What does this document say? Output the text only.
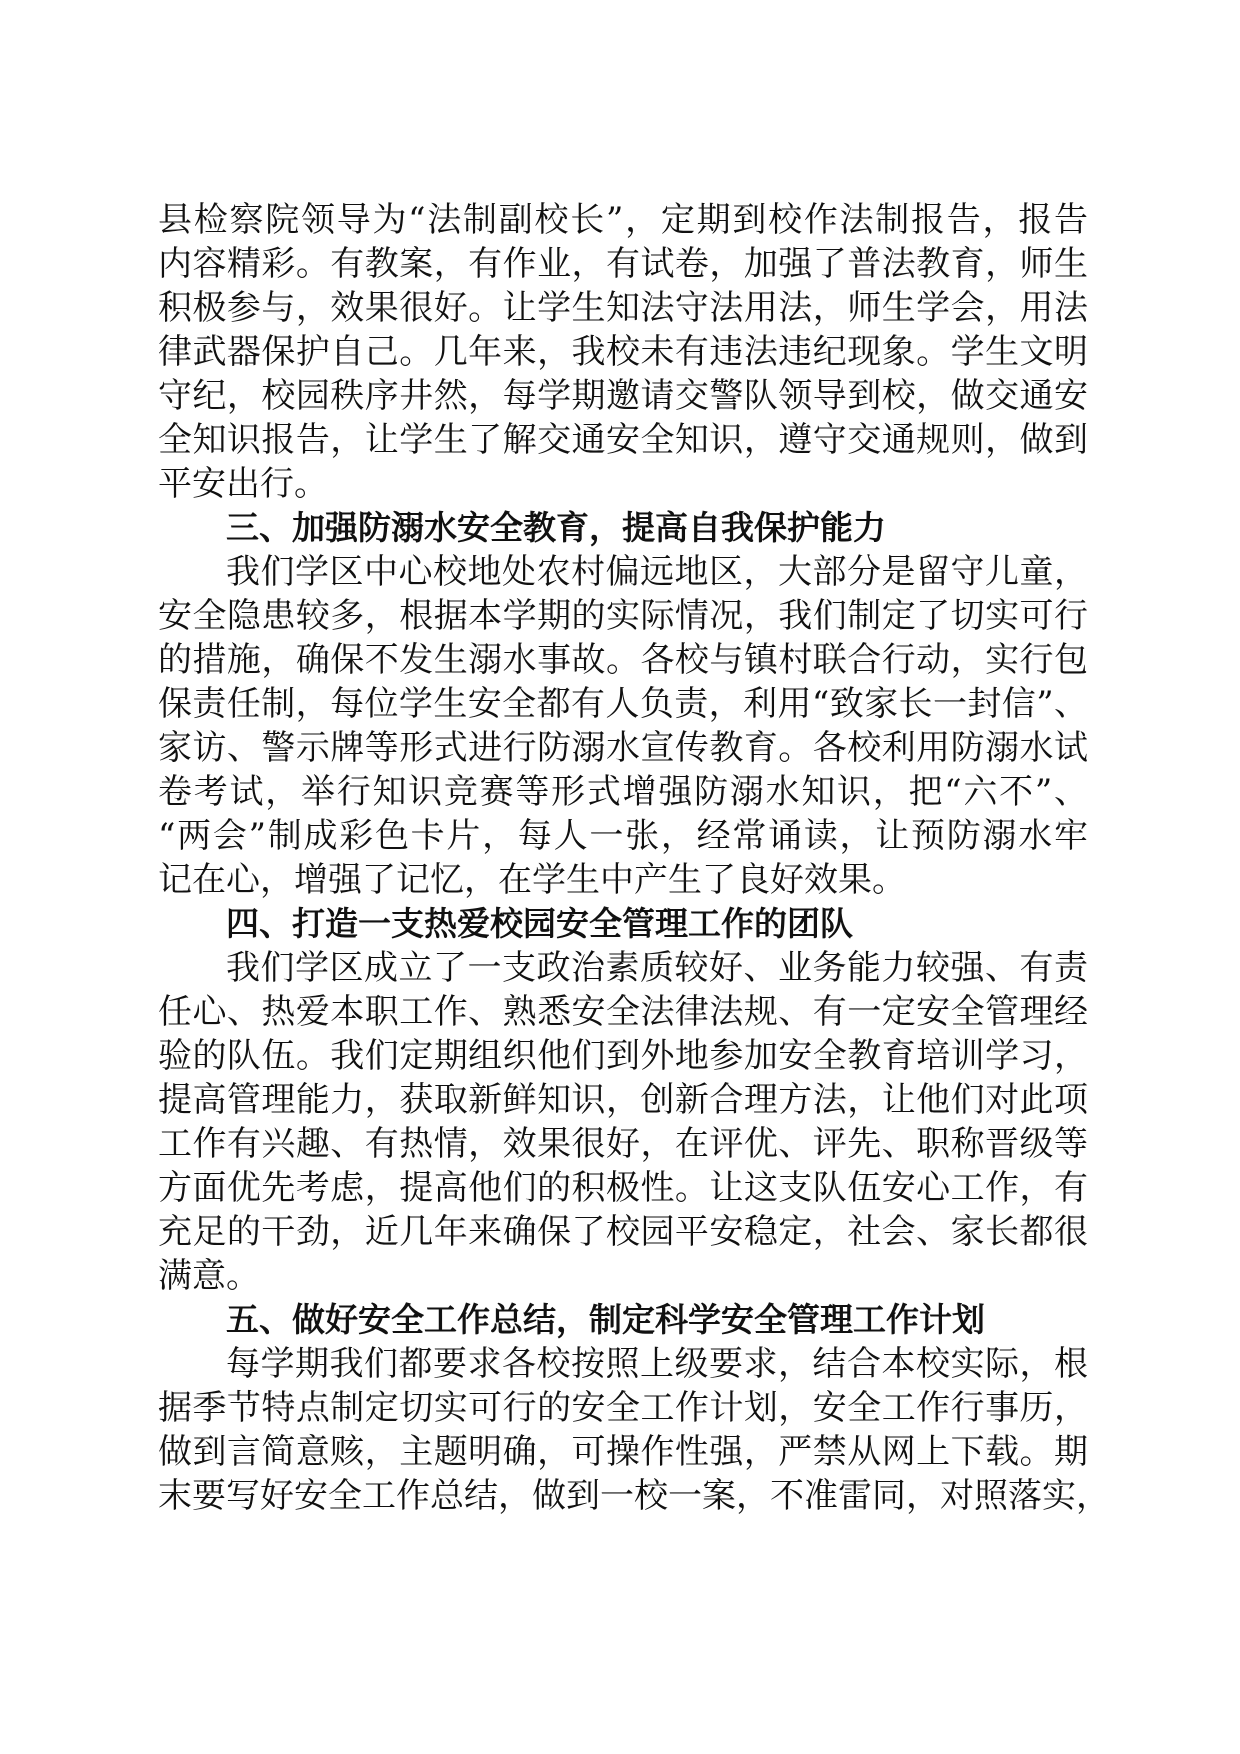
县检察院领导为“法制副校长”，定期到校作法制报告，报告
内容精彩。有教案，有作业，有试卷，加强了普法教育，师生
积极参与，效果很好。让学生知法守法用法，师生学会，用法
律武器保护自己。几年来，我校未有违法违纪现象。学生文明
守纪，校园秩序井然，每学期邀请交警队领导到校，做交通安
全知识报告，让学生了解交通安全知识，遵守交通规则，做到
平安出行。

三、加强防溺水安全教育，提高自我保护能力

我们学区中心校地处农村偏远地区，大部分是留守儿童，
安全隐患较多，根据本学期的实际情况，我们制定了切实可行
的措施，确保不发生溺水事故。各校与镇村联合行动，实行包
保责任制，每位学生安全都有人负责，利用“致家长一封信”、
家访、警示牌等形式进行防溺水宣传教育。各校利用防溺水试
卷考试，举行知识竞赛等形式增强防溺水知识，把“六不”、
“两会”制成彩色卡片，每人一张，经常诵读，让预防溺水牢
记在心，增强了记忆，在学生中产生了良好效果。

四、打造一支热爱校园安全管理工作的团队

我们学区成立了一支政治素质较好、业务能力较强、有责
任心、热爱本职工作、熟悉安全法律法规、有一定安全管理经
验的队伍。我们定期组织他们到外地参加安全教育培训学习，
提高管理能力，获取新鲜知识，创新合理方法，让他们对此项
工作有兴趣、有热情，效果很好，在评优、评先、职称晋级等
方面优先考虑，提高他们的积极性。让这支队伍安心工作，有
充足的干劲，近几年来确保了校园平安稳定，社会、家长都很
满意。

五、做好安全工作总结，制定科学安全管理工作计划

每学期我们都要求各校按照上级要求，结合本校实际，根
据季节特点制定切实可行的安全工作计划，安全工作行事历，
做到言简意赅，主题明确，可操作性强，严禁从网上下载。期
末要写好安全工作总结，做到一校一案，不准雷同，对照落实，
